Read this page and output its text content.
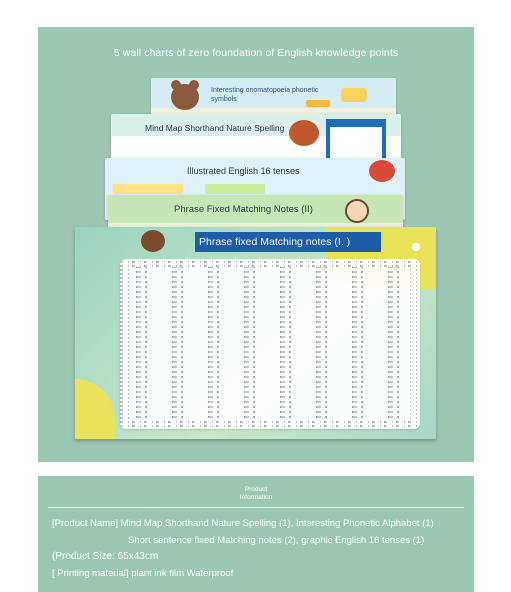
5 wall charts of zero foundation of English knowledge points
Interesting onomatopoeia phonetic symbols
Mind Map Shorthand Nature Spelling
Illustrated English 16 tenses
Phrase Fixed Matching Notes (II)
Phrase fixed Matching notes (I. )
Product
Information
[Product Name] Mind Map Shorthand Nature Spelling (1), Interesting Phonetic Alphabet (1)
Short sentence fixed Matching notes (2), graphic English 16 tenses (1)
(Product Size: 65x43cm
[ Printing material] plant ink film Waterproof
